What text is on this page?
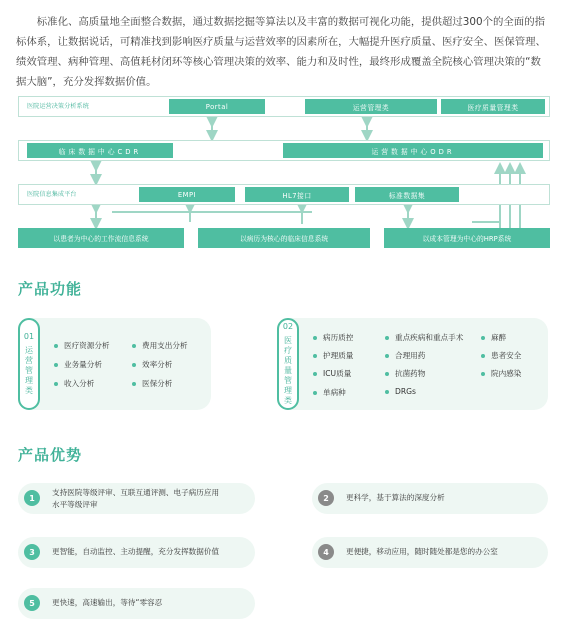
标准化、高质量地全面整合数据，通过数据挖掘等算法以及丰富的数据可视化功能，提供超过300个的全面的指标体系，让数据说话，可精准找到影响医疗质量与运营效率的因素所在，大幅提升医疗质量、医疗安全、医保管理、绩效管理、病种管理、高值耗材闭环等核心管理决策的效率、能力和及时性，最终形成覆盖全院核心管理决策的“数据大脑”，充分发挥数据价值。

医院运营决策分析系统	Portal	运营管理类	医疗质量管理类
临床数据中心CDR	运营数据中心ODR
医院信息集成平台	EMPI	HL7接口	标准数据集
以患者为中心的工作流信息系统	以病历为核心的临床信息系统	以成本管理为中心的HRP系统
产品功能
01
运
营
管
理
类
医疗资源分析	费用支出分析
业务量分析	效率分析
收入分析	医保分析
02
医
疗
质
量
管
理
类
病历质控	重点疾病和重点手术	麻醉
护理质量	合理用药	患者安全
ICU质量	抗菌药物	院内感染
单病种	DRGs
产品优势
1
支持医院等级评审、互联互通评测、电子病历应用
水平等级评审
2	更科学，基于算法的深度分析
3	更智能，自动监控、主动提醒，充分发挥数据价值	4	更便捷，移动应用，随时随处都是您的办公室
5	更快速，高速输出，等待“零容忍
